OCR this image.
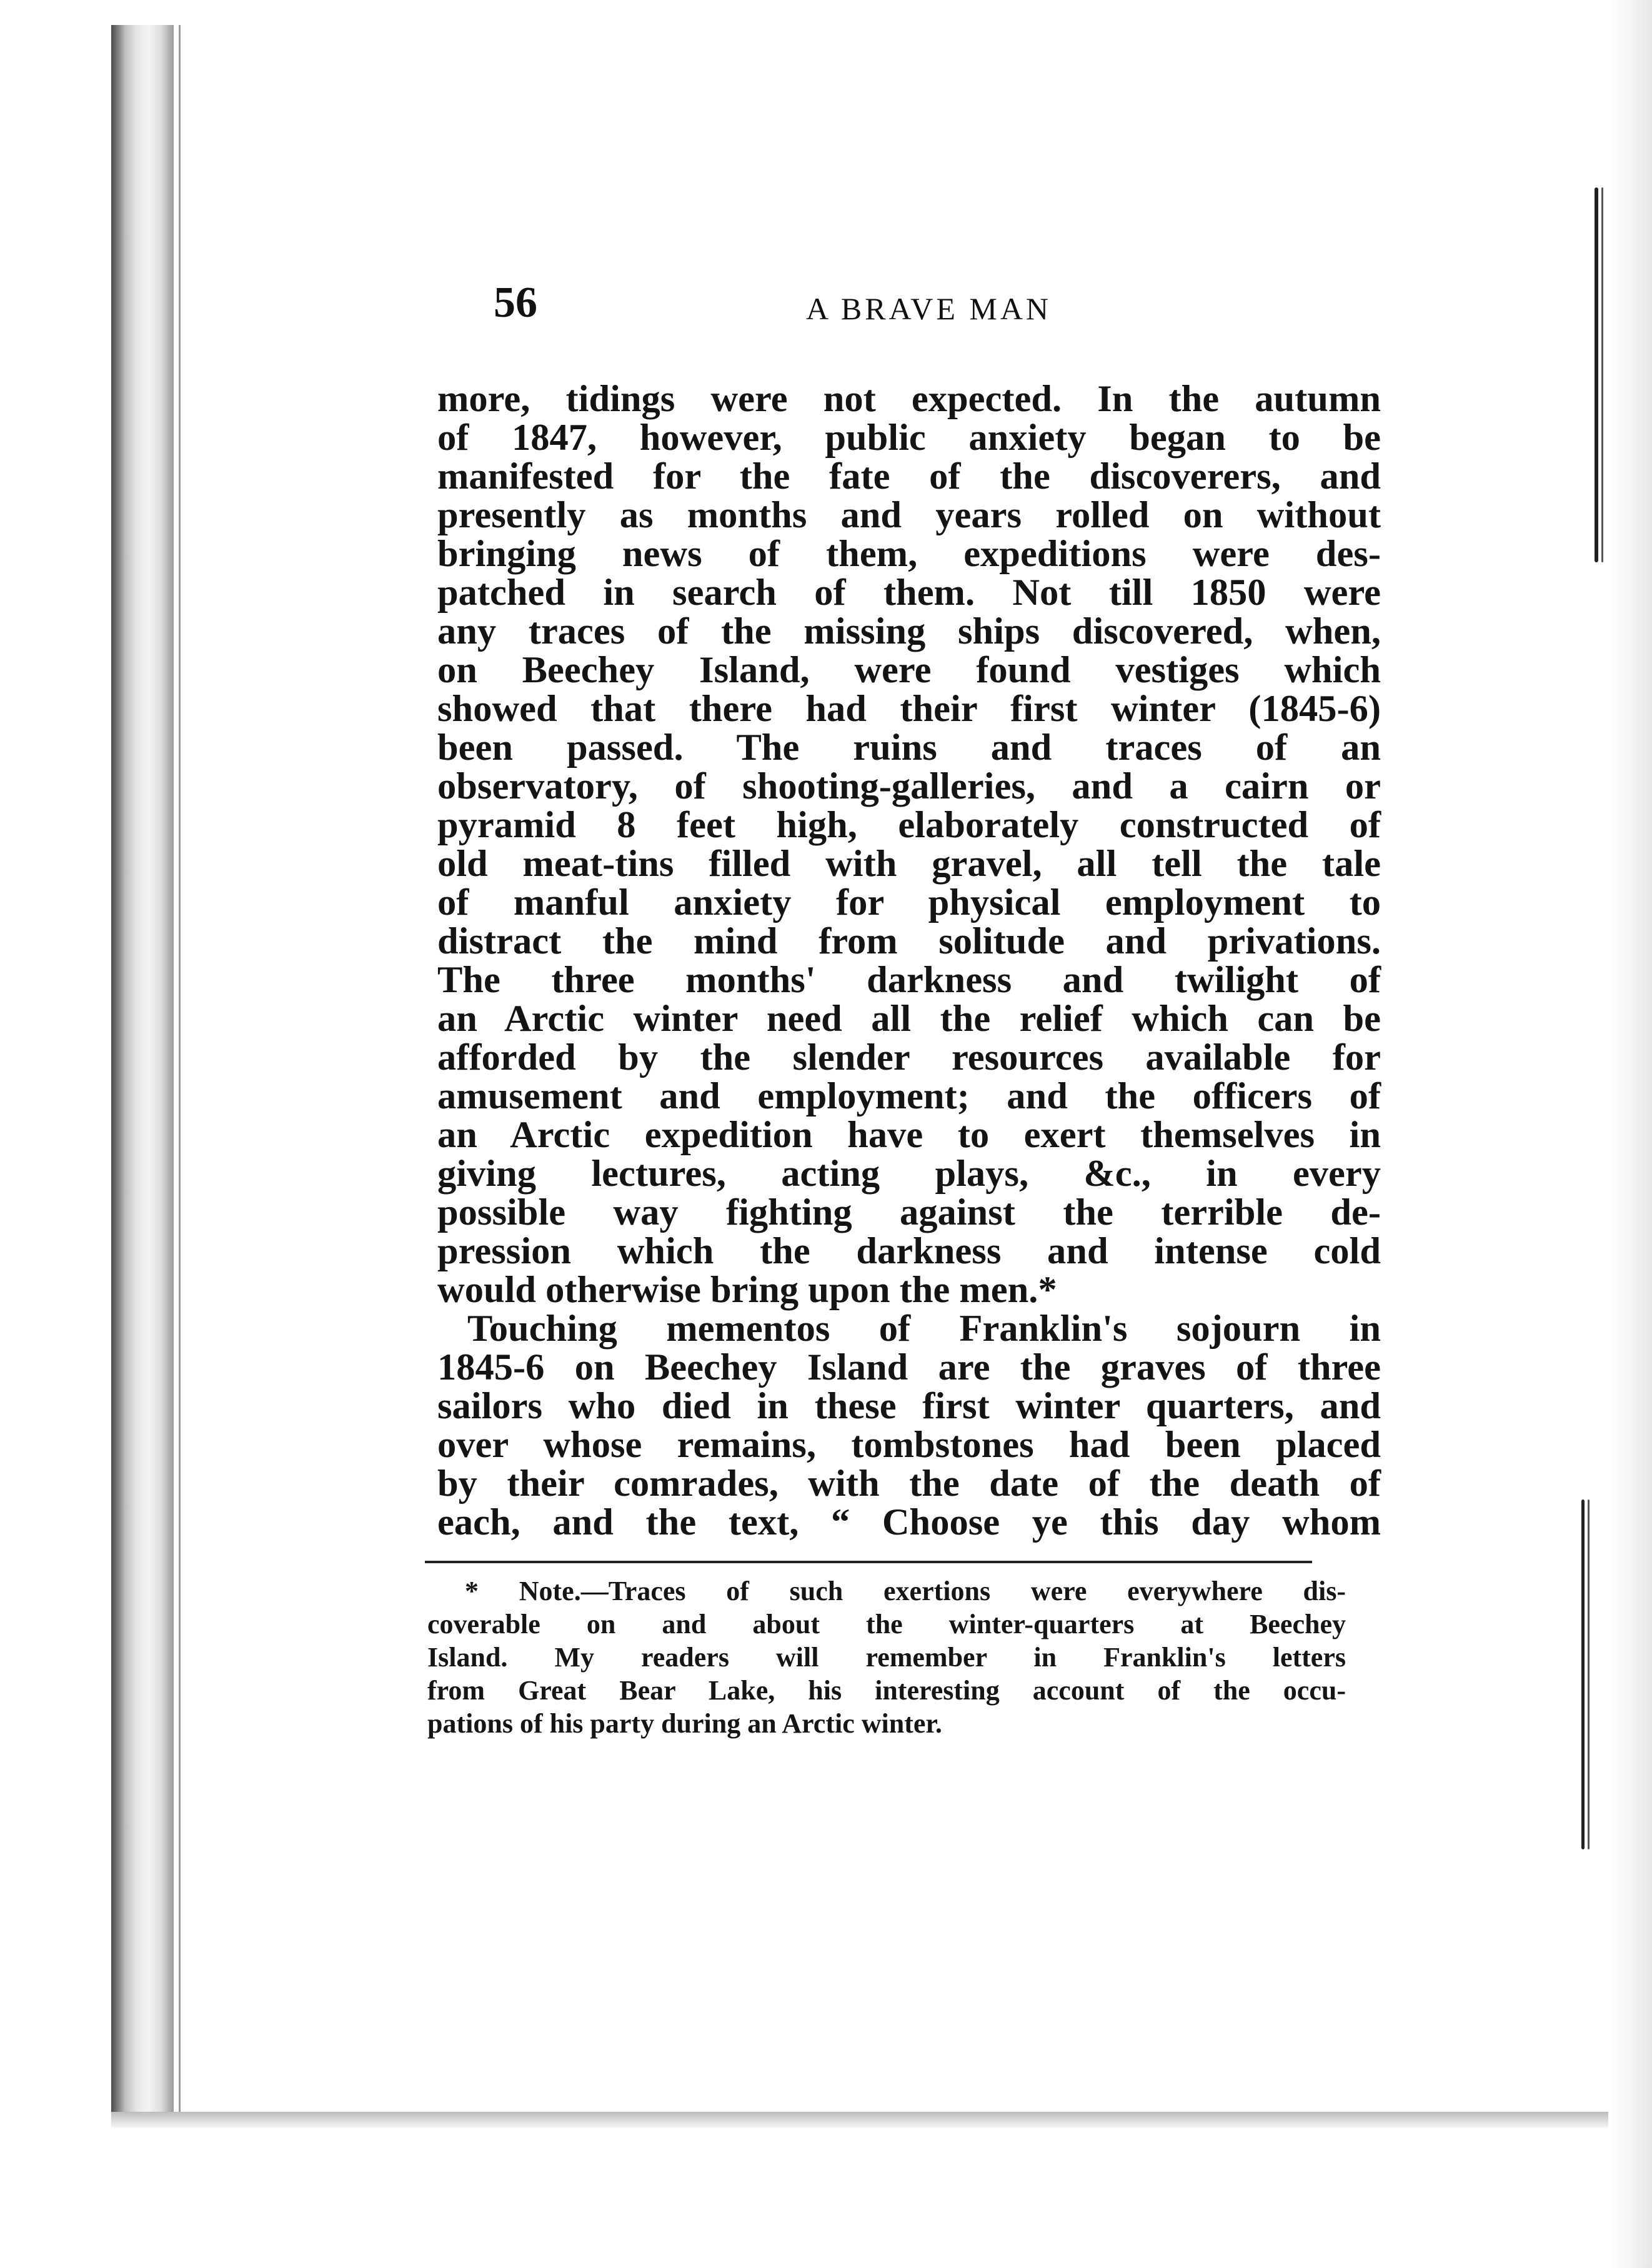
56	A BRAVE MAN
more, tidings were not expected. In the autumn
of 1847, however, public anxiety began to be
manifested for the fate of the discoverers, and
presently as months and years rolled on without
bringing news of them, expeditions were des-
patched in search of them. Not till 1850 were
any traces of the missing ships discovered, when,
on Beechey Island, were found vestiges which
showed that there had their first winter (1845-6)
been passed. The ruins and traces of an
observatory, of shooting-galleries, and a cairn or
pyramid 8 feet high, elaborately constructed of
old meat-tins filled with gravel, all tell the tale
of manful anxiety for physical employment to
distract the mind from solitude and privations.
The three months' darkness and twilight of
an Arctic winter need all the relief which can be
afforded by the slender resources available for
amusement and employment; and the officers of
an Arctic expedition have to exert themselves in
giving lectures, acting plays, &c., in every
possible way fighting against the terrible de-
pression which the darkness and intense cold
would otherwise bring upon the men.*
Touching mementos of Franklin's sojourn in
1845-6 on Beechey Island are the graves of three
sailors who died in these first winter quarters, and
over whose remains, tombstones had been placed
by their comrades, with the date of the death of
each, and the text, “ Choose ye this day whom
* Note.—Traces of such exertions were everywhere dis-
coverable on and about the winter-quarters at Beechey
Island. My readers will remember in Franklin's letters
from Great Bear Lake, his interesting account of the occu-
pations of his party during an Arctic winter.
